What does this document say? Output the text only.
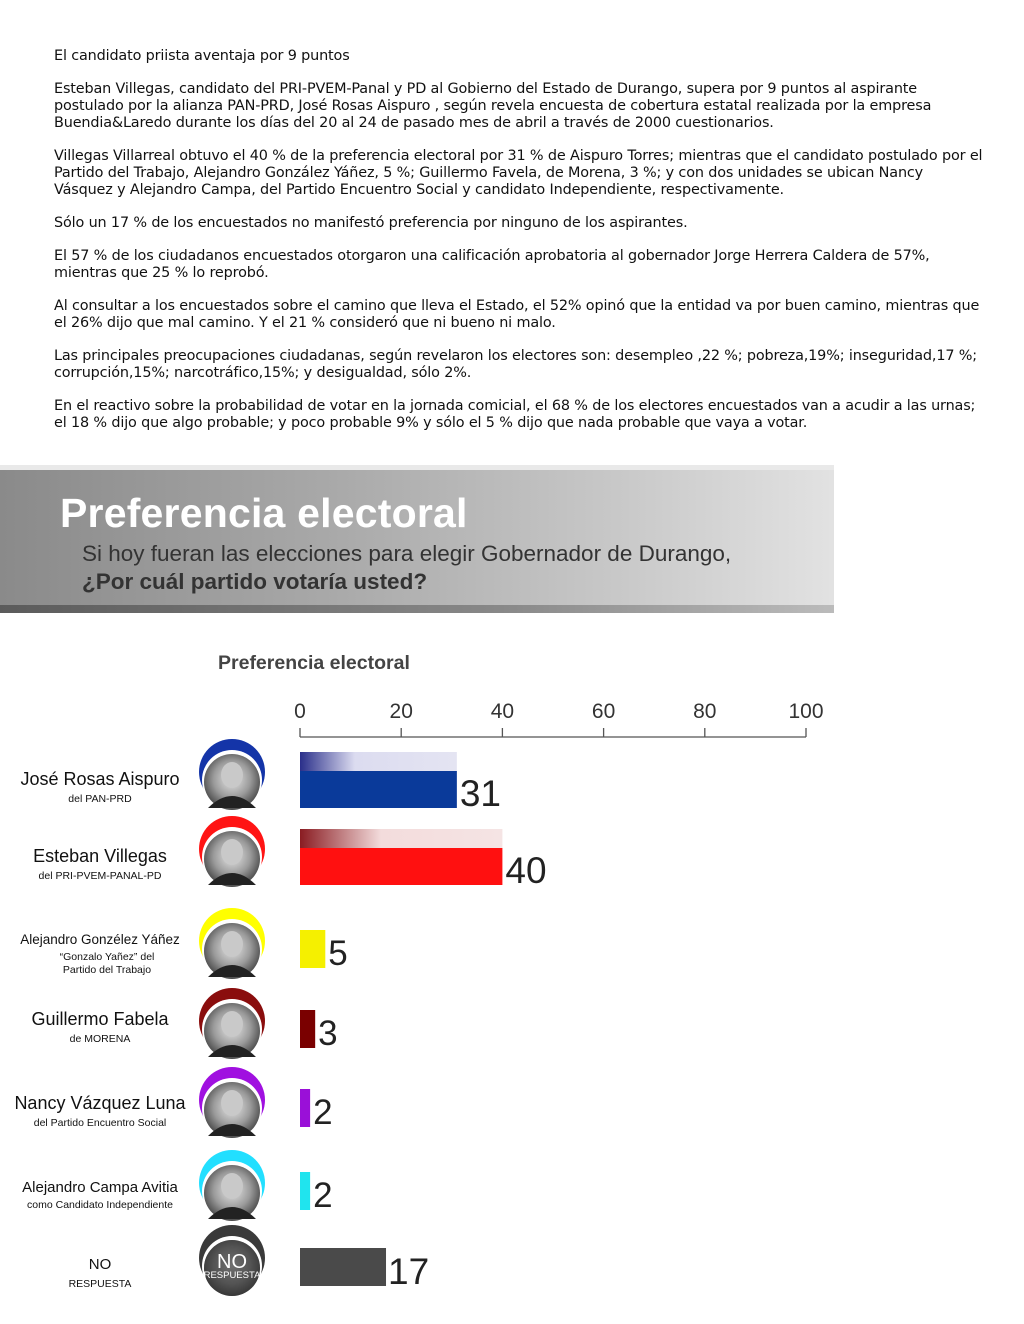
El candidato priista aventaja por 9 puntos

Esteban Villegas, candidato del PRI-PVEM-Panal y PD al Gobierno del Estado de Durango, supera por 9 puntos al aspirante postulado por la alianza PAN-PRD, José Rosas Aispuro , según revela encuesta de cobertura estatal realizada por la empresa Buendia&Laredo durante los días del 20 al 24 de pasado mes de abril a través de 2000 cuestionarios.

Villegas Villarreal obtuvo el 40 % de la preferencia electoral por 31 % de Aispuro Torres; mientras que el candidato postulado por el Partido del Trabajo, Alejandro González Yáñez, 5 %; Guillermo Favela, de Morena, 3 %; y con dos unidades se ubican Nancy Vásquez y Alejandro Campa, del Partido Encuentro Social y candidato Independiente, respectivamente.

Sólo un 17 % de los encuestados no manifestó preferencia por ninguno de los aspirantes.

El 57 % de los ciudadanos encuestados otorgaron una calificación aprobatoria al gobernador Jorge Herrera Caldera de 57%, mientras que 25 % lo reprobó.

Al consultar a los encuestados sobre el camino que lleva el Estado, el 52% opinó que la entidad va por buen camino, mientras que el 26% dijo que mal camino. Y el 21 % consideró que ni bueno ni malo.

Las principales preocupaciones ciudadanas, según revelaron los electores son: desempleo ,22 %; pobreza,19%; inseguridad,17 %; corrupción,15%; narcotráfico,15%; y desigualdad, sólo 2%.

En el reactivo sobre la probabilidad de votar en la jornada comicial, el 68 % de los electores encuestados van a acudir a las urnas; el 18 % dijo que algo probable; y poco probable 9% y sólo el 5 % dijo que nada probable que vaya a votar.

Preferencia electoral

Si hoy fueran las elecciones para elegir Gobernador de Durango,
¿Por cuál partido votaría usted?

Preferencia electoral
José Rosas Aispuro
del PAN-PRD
Esteban Villegas
del PRI-PVEM-PANAL-PD
Alejandro Gonzélez Yáñez
“Gonzalo Yañez” del Partido del Trabajo
Guillermo Fabela
de MORENA
Nancy Vázquez Luna
del Partido Encuentro Social
Alejandro Campa Avitia
como Candidato Independiente
NO
RESPUESTA
0	20	40	60	80	100
NO
RESPUESTA
31
40
5
3
2
2
17
